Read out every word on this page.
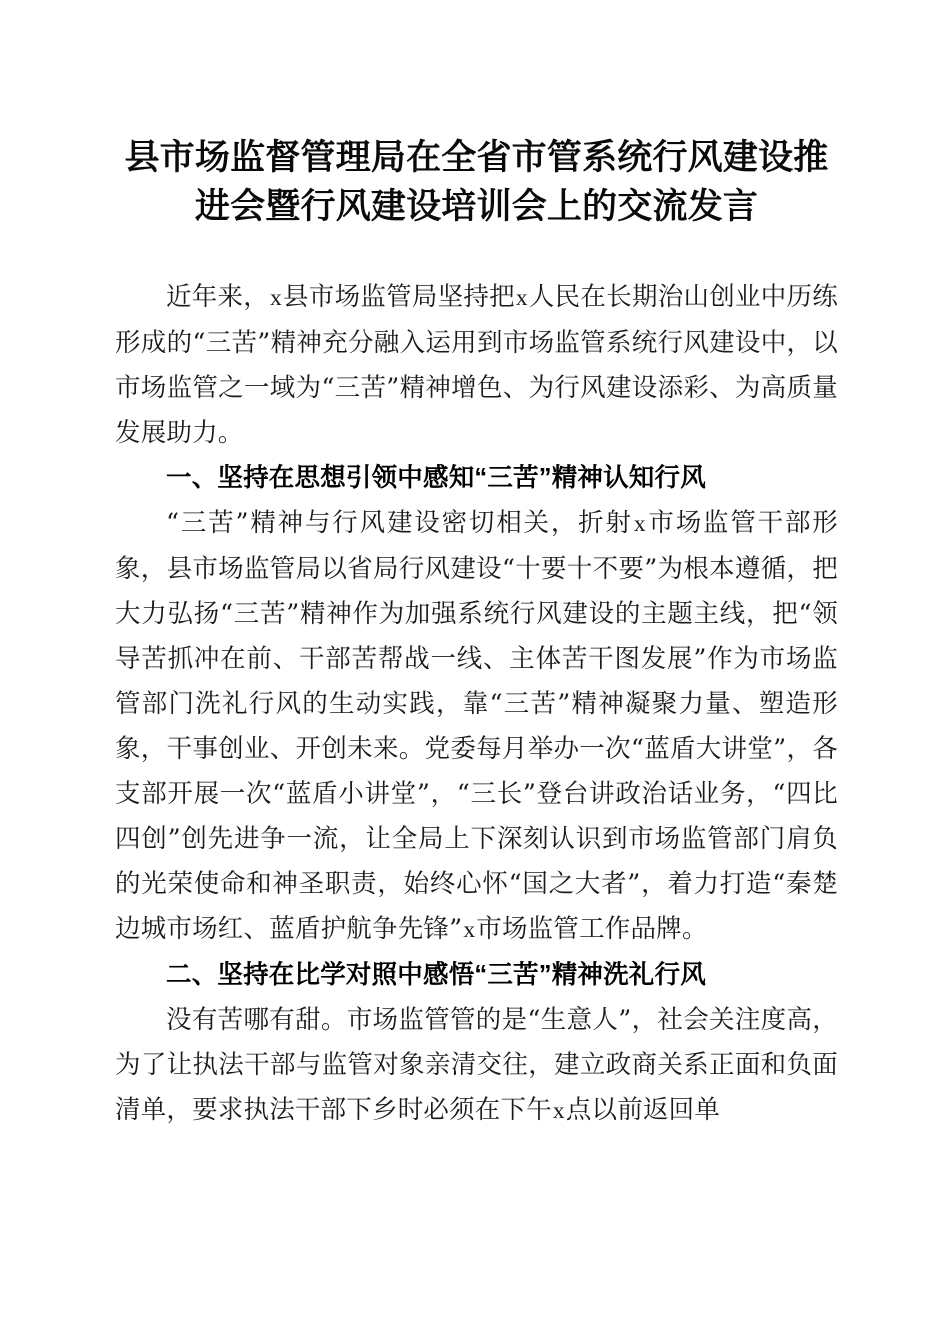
县市场监督管理局在全省市管系统行风建设推进会暨行风建设培训会上的交流发言

近年来，x县市场监管局坚持把x人民在长期治山创业中历练形成的“三苦”精神充分融入运用到市场监管系统行风建设中，以市场监管之一域为“三苦”精神增色、为行风建设添彩、为高质量发展助力。

一、坚持在思想引领中感知“三苦”精神认知行风

“三苦”精神与行风建设密切相关，折射x市场监管干部形象，县市场监管局以省局行风建设“十要十不要”为根本遵循，把大力弘扬“三苦”精神作为加强系统行风建设的主题主线，把“领导苦抓冲在前、干部苦帮战一线、主体苦干图发展”作为市场监管部门洗礼行风的生动实践，靠“三苦”精神凝聚力量、塑造形象，干事创业、开创未来。党委每月举办一次“蓝盾大讲堂”，各支部开展一次“蓝盾小讲堂”，“三长”登台讲政治话业务，“四比四创”创先进争一流，让全局上下深刻认识到市场监管部门肩负的光荣使命和神圣职责，始终心怀“国之大者”，着力打造“秦楚边城市场红、蓝盾护航争先锋”x市场监管工作品牌。

二、坚持在比学对照中感悟“三苦”精神洗礼行风

没有苦哪有甜。市场监管管的是“生意人”，社会关注度高，为了让执法干部与监管对象亲清交往，建立政商关系正面和负面清单，要求执法干部下乡时必须在下午x点以前返回单
